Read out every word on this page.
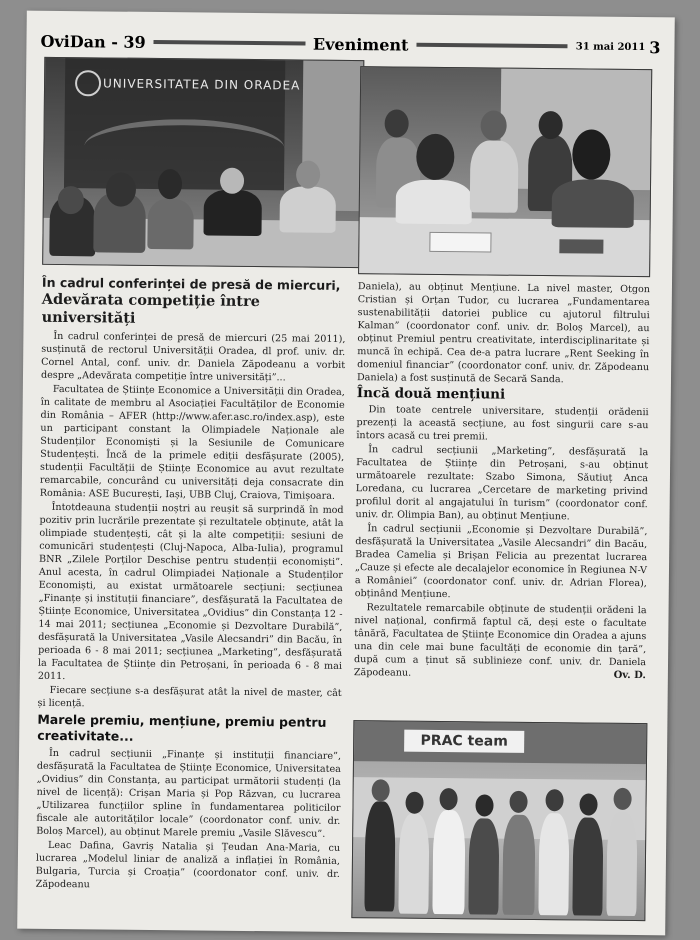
OviDan - 39	Eveniment	31 mai 2011 3
UNIVERSITATEA DIN ORADEA

În cadrul conferinței de presă de miercuri,

Adevărata competiție între universități

În cadrul conferinței de presă de miercuri (25 mai 2011), susținută de rectorul Universității Oradea, dl prof. univ. dr. Cornel Antal, conf. univ. dr. Daniela Zăpodeanu a vorbit despre „Adevărata competiție între universități”...

Facultatea de Științe Economice a Universității din Oradea, în calitate de membru al Asociației Facultăților de Economie din România – AFER (http://www.afer.asc.ro/index.asp), este un participant constant la Olimpiadele Naționale ale Studenților Economiști și la Sesiunile de Comunicare Studențești. Încă de la primele ediții desfășurate (2005), studenții Facultății de Științe Economice au avut rezultate remarcabile, concurând cu universități deja consacrate din România: ASE București, Iași, UBB Cluj, Craiova, Timișoara.

Întotdeauna studenții noștri au reușit să surprindă în mod pozitiv prin lucrările prezentate și rezultatele obținute, atât la olimpiade studențești, cât și la alte competiții: sesiuni de comunicări studențești (Cluj-Napoca, Alba-Iulia), programul BNR „Zilele Porților Deschise pentru studenții economiști”. Anul acesta, în cadrul Olimpiadei Naționale a Studenților Economiști, au existat următoarele secțiuni: secțiunea „Finanțe și instituții financiare”, desfășurată la Facultatea de Științe Economice, Universitatea „Ovidius” din Constanța 12 - 14 mai 2011; secțiunea „Economie și Dezvoltare Durabilă”, desfășurată la Universitatea „Vasile Alecsandri” din Bacău, în perioada 6 - 8 mai 2011; secțiunea „Marketing”, desfășurată la Facultatea de Științe din Petroșani, în perioada 6 - 8 mai 2011.

Fiecare secțiune s-a desfășurat atât la nivel de master, cât și licență.

Marele premiu, mențiune, premiu pentru creativitate...

În cadrul secțiunii „Finanțe și instituții financiare”, desfășurată la Facultatea de Științe Economice, Universitatea „Ovidius” din Constanța, au participat următorii studenți (la nivel de licență): Crișan Maria și Pop Răzvan, cu lucrarea „Utilizarea funcțiilor spline în fundamentarea politicilor fiscale ale autorităților locale” (coordonator conf. univ. dr. Boloș Marcel), au obținut Marele premiu „Vasile Slăvescu”.

Leac Dafina, Gavriș Natalia și Țeudan Ana-Maria, cu lucrarea „Modelul liniar de analiză a inflației în România, Bulgaria, Turcia și Croația” (coordonator conf. univ. dr. Zăpodeanu

Daniela), au obținut Mențiune. La nivel master, Otgon Cristian și Orțan Tudor, cu lucrarea „Fundamentarea sustenabilității datoriei publice cu ajutorul filtrului Kalman” (coordonator conf. univ. dr. Boloș Marcel), au obținut Premiul pentru creativitate, interdisciplinaritate și muncă în echipă. Cea de-a patra lucrare „Rent Seeking în domeniul financiar” (coordonator conf. univ. dr. Zăpodeanu Daniela) a fost susținută de Secară Sanda.

Încă două mențiuni

Din toate centrele universitare, studenții orădenii prezenți la această secțiune, au fost singurii care s-au întors acasă cu trei premii.

În cadrul secțiunii „Marketing”, desfășurată la Facultatea de Științe din Petroșani, s-au obținut următoarele rezultate: Szabo Simona, Săutiuț Anca Loredana, cu lucrarea „Cercetare de marketing privind profilul dorit al angajatului în turism” (coordonator conf. univ. dr. Olimpia Ban), au obținut Mențiune.

În cadrul secțiunii „Economie și Dezvoltare Durabilă”, desfășurată la Universitatea „Vasile Alecsandri” din Bacău, Bradea Camelia și Brișan Felicia au prezentat lucrarea „Cauze și efecte ale decalajelor economice în Regiunea N-V a României” (coordonator conf. univ. dr. Adrian Florea), obținând Mențiune.

Rezultatele remarcabile obținute de studenții orădeni la nivel național, confirmă faptul că, deși este o facultate tânără, Facultatea de Științe Economice din Oradea a ajuns una din cele mai bune facultăți de economie din țară”, după cum a ținut să sublinieze conf. univ. dr. Daniela Zăpodeanu.	Ov. D.

PRAC team
